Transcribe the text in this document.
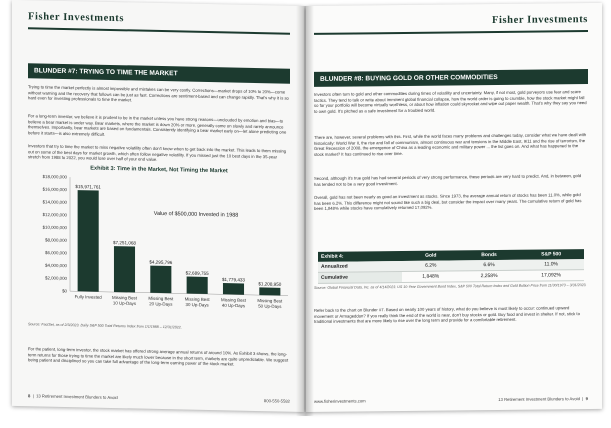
Fisher Investments
BLUNDER #7: TRYING TO TIME THE MARKET

Trying to time the market perfectly is almost impossible and mistakes can be very costly. Corrections—market drops of 10% to 20%—come without warning and the recovery that follows can be just as fast. Corrections are sentiment-based and can change rapidly. That's why it is so hard even for investing professionals to time the market.

For a long-term investor, we believe it is prudent to be in the market unless you have strong reasons—unclouded by emotion and bias—to believe a bear market is under way. Bear markets, where the market is down 20% or more, generally come on slowly and rarely announce themselves. Importantly, bear markets are based on fundamentals. Consistently identifying a bear market early on—let alone predicting one before it starts—is also extremely difficult.

Investors that try to time the market to miss negative volatility often don't know when to get back into the market. This leads to them missing out on some of the best days for market growth, which often follow negative volatility. If you missed just the 10 best days in the 35-year stretch from 1988 to 2022, you would lose over half of your end value.

Exhibit 3: Time in the Market, Not Timing the Market
$0
$2,000,000
$4,000,000
$6,000,000
$8,000,000
$10,000,000
$12,000,000
$14,000,000
$16,000,000
$18,000,000
$15,971,761
Fully Invested
$7,251,068
Missing Best
10 Up-Days
$4,295,796
Missing Best
20 Up-Days
$2,689,755
Missing Best
30 Up-Days
$1,779,433
Missing Best
40 Up-Days
$1,208,950
Missing Best
50 Up-Days
Value of $500,000 Invested in 1988
Source: FactSet, as of 2/3/2023. Daily S&P 500 Total Returns Index from 1/1/1988 – 12/31/2022.

For the patient, long-term investor, the stock market has offered strong average annual returns of around 10%. As Exhibit 3 shows, the long-term returns for those trying to time the market are likely much lower because in the short term, markets are quite unpredictable. We suggest being patient and disciplined so you can take full advantage of the long-term earning power of the stock market.

8  |  13 Retirement Investment Blunders to Avoid
800-550-5582
Fisher Investments
BLUNDER #8: BUYING GOLD OR OTHER COMMODITIES

Investors often turn to gold and other commodities during times of volatility and uncertainty. Many, if not most, gold purveyors use fear and scare tactics. They tend to talk or write about imminent global financial collapse, how the world order is going to crumble, how the stock market might fall so far your portfolio will become virtually worthless, or about how inflation could skyrocket and wipe out paper wealth. That's why they say you need to own gold. It's pitched as a safe investment for a troubled world.

There are, however, several problems with this. First, while the world faces many problems and challenges today, consider what we have dealt with historically: World War II, the rise and fall of communism, almost continuous war and tensions in the Middle East, 9/11 and the rise of terrorism, the Great Recession of 2008, the emergence of China as a leading economic and military power ... the list goes on. And what has happened to the stock market? It has continued to rise over time.

Second, although it's true gold has had several periods of very strong performance, these periods are very hard to predict. And, in between, gold has tended not to be a very good investment.

Overall, gold has not been nearly as good an investment as stocks. Since 1973, the average annual return of stocks has been 11.0%, while gold has been 6.2%. This difference might not sound like such a big deal, but consider the impact over many years. The cumulative return of gold has been 1,848% while stocks have cumulatively returned 17,092%.

Exhibit 4:	Gold	Bonds	S&P 500
Annualized	6.2%	6.6%	11.0%
Cumulative	1,848%	2,258%	17,092%
Source: Global Financial Data, Inc. as of 4/14/2023. US 10-Year Government Bond Index, S&P 500 Total Return Index and Gold Bullion Price from 11/30/1973 – 3/31/2023.

Refer back to the chart on Blunder #7. Based on nearly 100 years of history, what do you believe is most likely to occur: continued upward movement or Armageddon? If you really think the end of the world is near, don't buy stocks or gold. Buy food and invest in shelter. If not, stick to traditional investments that are more likely to rise over the long term and provide for a comfortable retirement.

www.fisherinvestments.com	13 Retirement Investment Blunders to Avoid  |  9
